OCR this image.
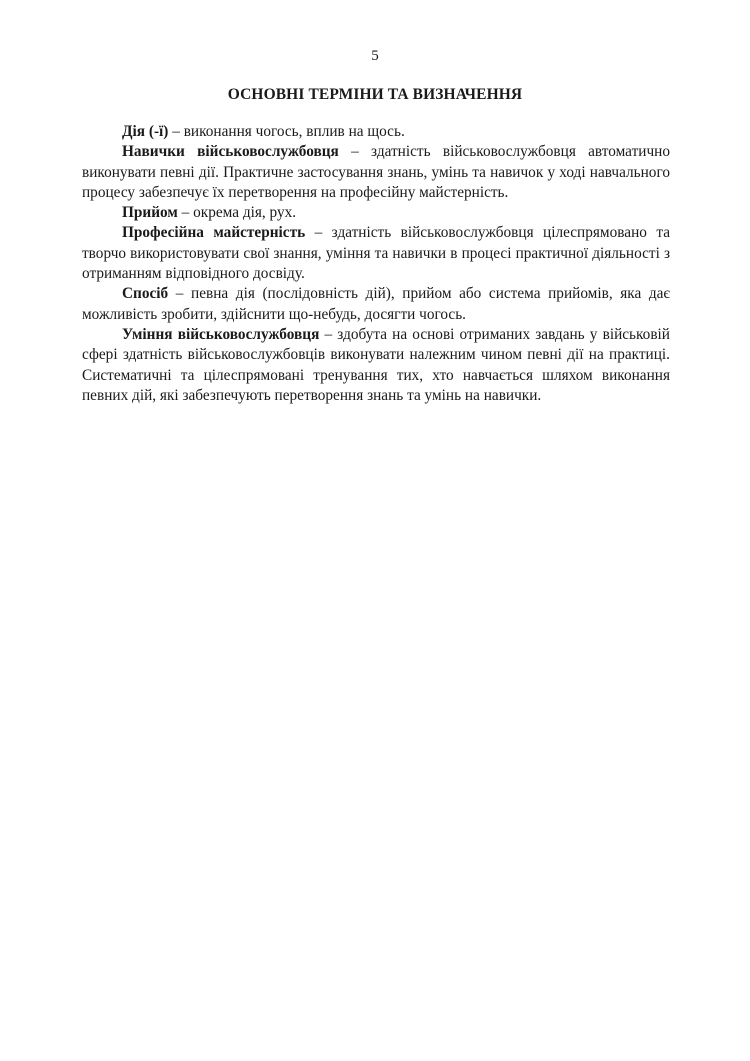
5

ОСНОВНІ ТЕРМІНИ ТА ВИЗНАЧЕННЯ

Дія (-ї) – виконання чогось, вплив на щось.

Навички військовослужбовця – здатність військовослужбовця автоматично виконувати певні дії. Практичне застосування знань, умінь та навичок у ході навчального процесу забезпечує їх перетворення на професійну майстерність.

Прийом – окрема дія, рух.

Професійна майстерність – здатність військовослужбовця цілеспрямовано та творчо використовувати свої знання, уміння та навички в процесі практичної діяльності з отриманням відповідного досвіду.

Спосіб – певна дія (послідовність дій), прийом або система прийомів, яка дає можливість зробити, здійснити що-небудь, досягти чогось.

Уміння військовослужбовця – здобута на основі отриманих завдань у військовій сфері здатність військовослужбовців виконувати належним чином певні дії на практиці. Систематичні та цілеспрямовані тренування тих, хто навчається шляхом виконання певних дій, які забезпечують перетворення знань та умінь на навички.
